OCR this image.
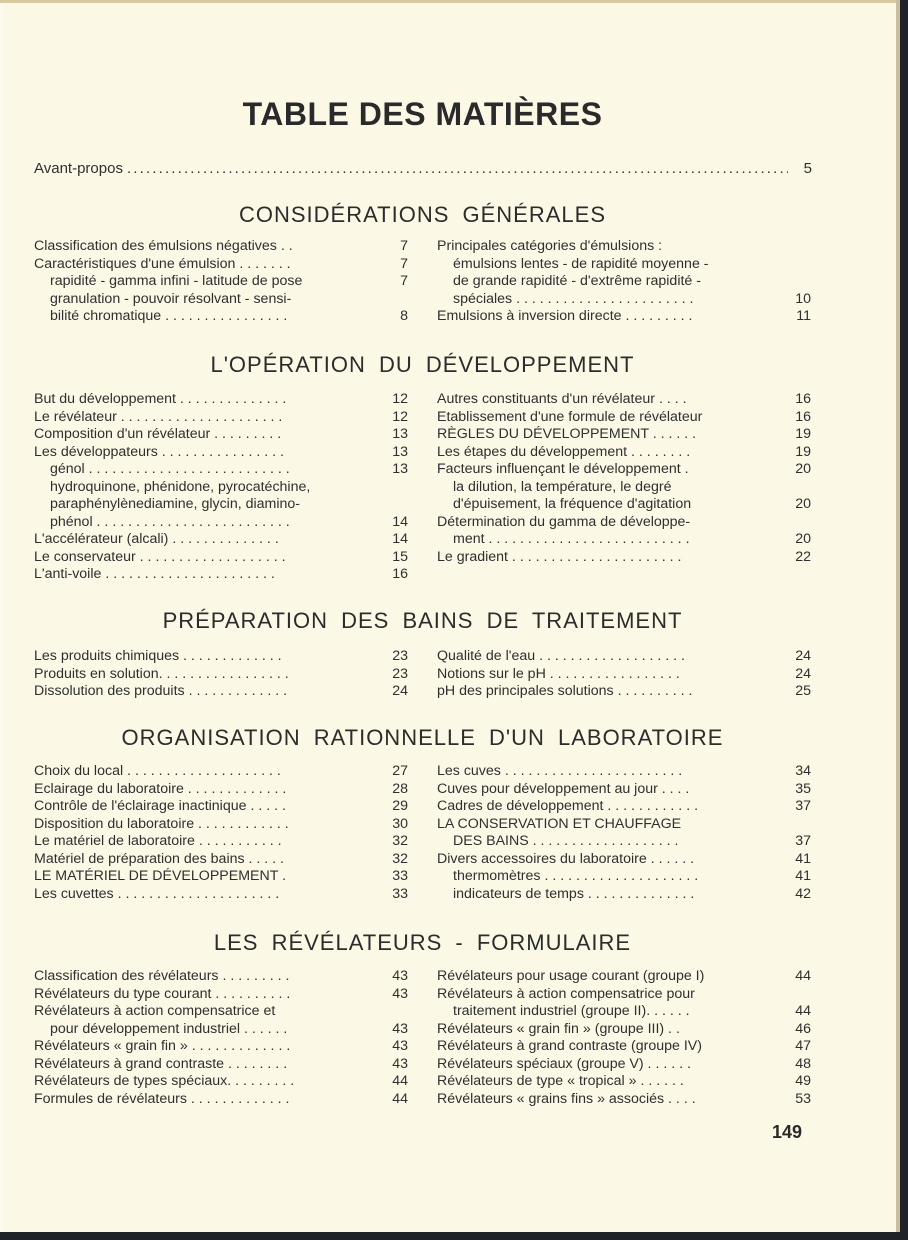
TABLE DES MATIÈRES
Avant-propos . . .	5
CONSIDÉRATIONS GÉNÉRALES
L'OPÉRATION DU DÉVELOPPEMENT
PRÉPARATION DES BAINS DE TRAITEMENT
ORGANISATION RATIONNELLE D'UN LABORATOIRE
LES RÉVÉLATEURS - FORMULAIRE
Classification des émulsions négatives . .	7
Caractéristiques d'une émulsion . . . . . . .	7
rapidité - gamma infini - latitude de pose	7
granulation - pouvoir résolvant - sensi-
bilité chromatique . . . . . . . . . . . . . . . .	8
Principales catégories d'émulsions :
émulsions lentes - de rapidité moyenne -
de grande rapidité - d'extrême rapidité -
spéciales . . . . . . . . . . . . . . . . . . . . . . .	10
Emulsions à inversion directe . . . . . . . . .	11
But du développement . . . . . . . . . . . . . .	12
Le révélateur . . . . . . . . . . . . . . . . . . . . .	12
Composition d'un révélateur . . . . . . . . .	13
Les développateurs . . . . . . . . . . . . . . . .	13
génol . . . . . . . . . . . . . . . . . . . . . . . . . .	13
hydroquinone, phénidone, pyrocatéchine,
paraphénylènediamine, glycin, diamino-
phénol . . . . . . . . . . . . . . . . . . . . . . . . .	14
L'accélérateur (alcali) . . . . . . . . . . . . . .	14
Le conservateur . . . . . . . . . . . . . . . . . . .	15
L'anti-voile . . . . . . . . . . . . . . . . . . . . . .	16
Autres constituants d'un révélateur . . . .	16
Etablissement d'une formule de révélateur	16
RÈGLES DU DÉVELOPPEMENT . . . . . .	19
Les étapes du développement . . . . . . . .	19
Facteurs influençant le développement .	20
la dilution, la température, le degré
d'épuisement, la fréquence d'agitation	20
Détermination du gamma de développe-
ment . . . . . . . . . . . . . . . . . . . . . . . . . .	20
Le gradient . . . . . . . . . . . . . . . . . . . . . .	22
Les produits chimiques . . . . . . . . . . . . .	23
Produits en solution. . . . . . . . . . . . . . . . .	23
Dissolution des produits . . . . . . . . . . . . .	24
Qualité de l'eau . . . . . . . . . . . . . . . . . . .	24
Notions sur le pH . . . . . . . . . . . . . . . . .	24
pH des principales solutions . . . . . . . . . .	25
Choix du local . . . . . . . . . . . . . . . . . . . .	27
Eclairage du laboratoire . . . . . . . . . . . . .	28
Contrôle de l'éclairage inactinique . . . . .	29
Disposition du laboratoire . . . . . . . . . . . .	30
Le matériel de laboratoire . . . . . . . . . . .	32
Matériel de préparation des bains . . . . .	32
LE MATÉRIEL DE DÉVELOPPEMENT .	33
Les cuvettes . . . . . . . . . . . . . . . . . . . . .	33
Les cuves . . . . . . . . . . . . . . . . . . . . . . .	34
Cuves pour développement au jour . . . .	35
Cadres de développement . . . . . . . . . . . .	37
LA CONSERVATION ET CHAUFFAGE
DES BAINS . . . . . . . . . . . . . . . . . . .	37
Divers accessoires du laboratoire . . . . . .	41
thermomètres . . . . . . . . . . . . . . . . . . . .	41
indicateurs de temps . . . . . . . . . . . . . .	42
Classification des révélateurs . . . . . . . . .	43
Révélateurs du type courant . . . . . . . . . .	43
Révélateurs à action compensatrice et
pour développement industriel . . . . . .	43
Révélateurs « grain fin » . . . . . . . . . . . . .	43
Révélateurs à grand contraste . . . . . . . .	43
Révélateurs de types spéciaux. . . . . . . . .	44
Formules de révélateurs . . . . . . . . . . . . .	44
Révélateurs pour usage courant (groupe I)	44
Révélateurs à action compensatrice pour
traitement industriel (groupe II). . . . . .	44
Révélateurs « grain fin » (groupe III) . .	46
Révélateurs à grand contraste (groupe IV)	47
Révélateurs spéciaux (groupe V) . . . . . .	48
Révélateurs de type « tropical » . . . . . .	49
Révélateurs « grains fins » associés . . . .	53
149
